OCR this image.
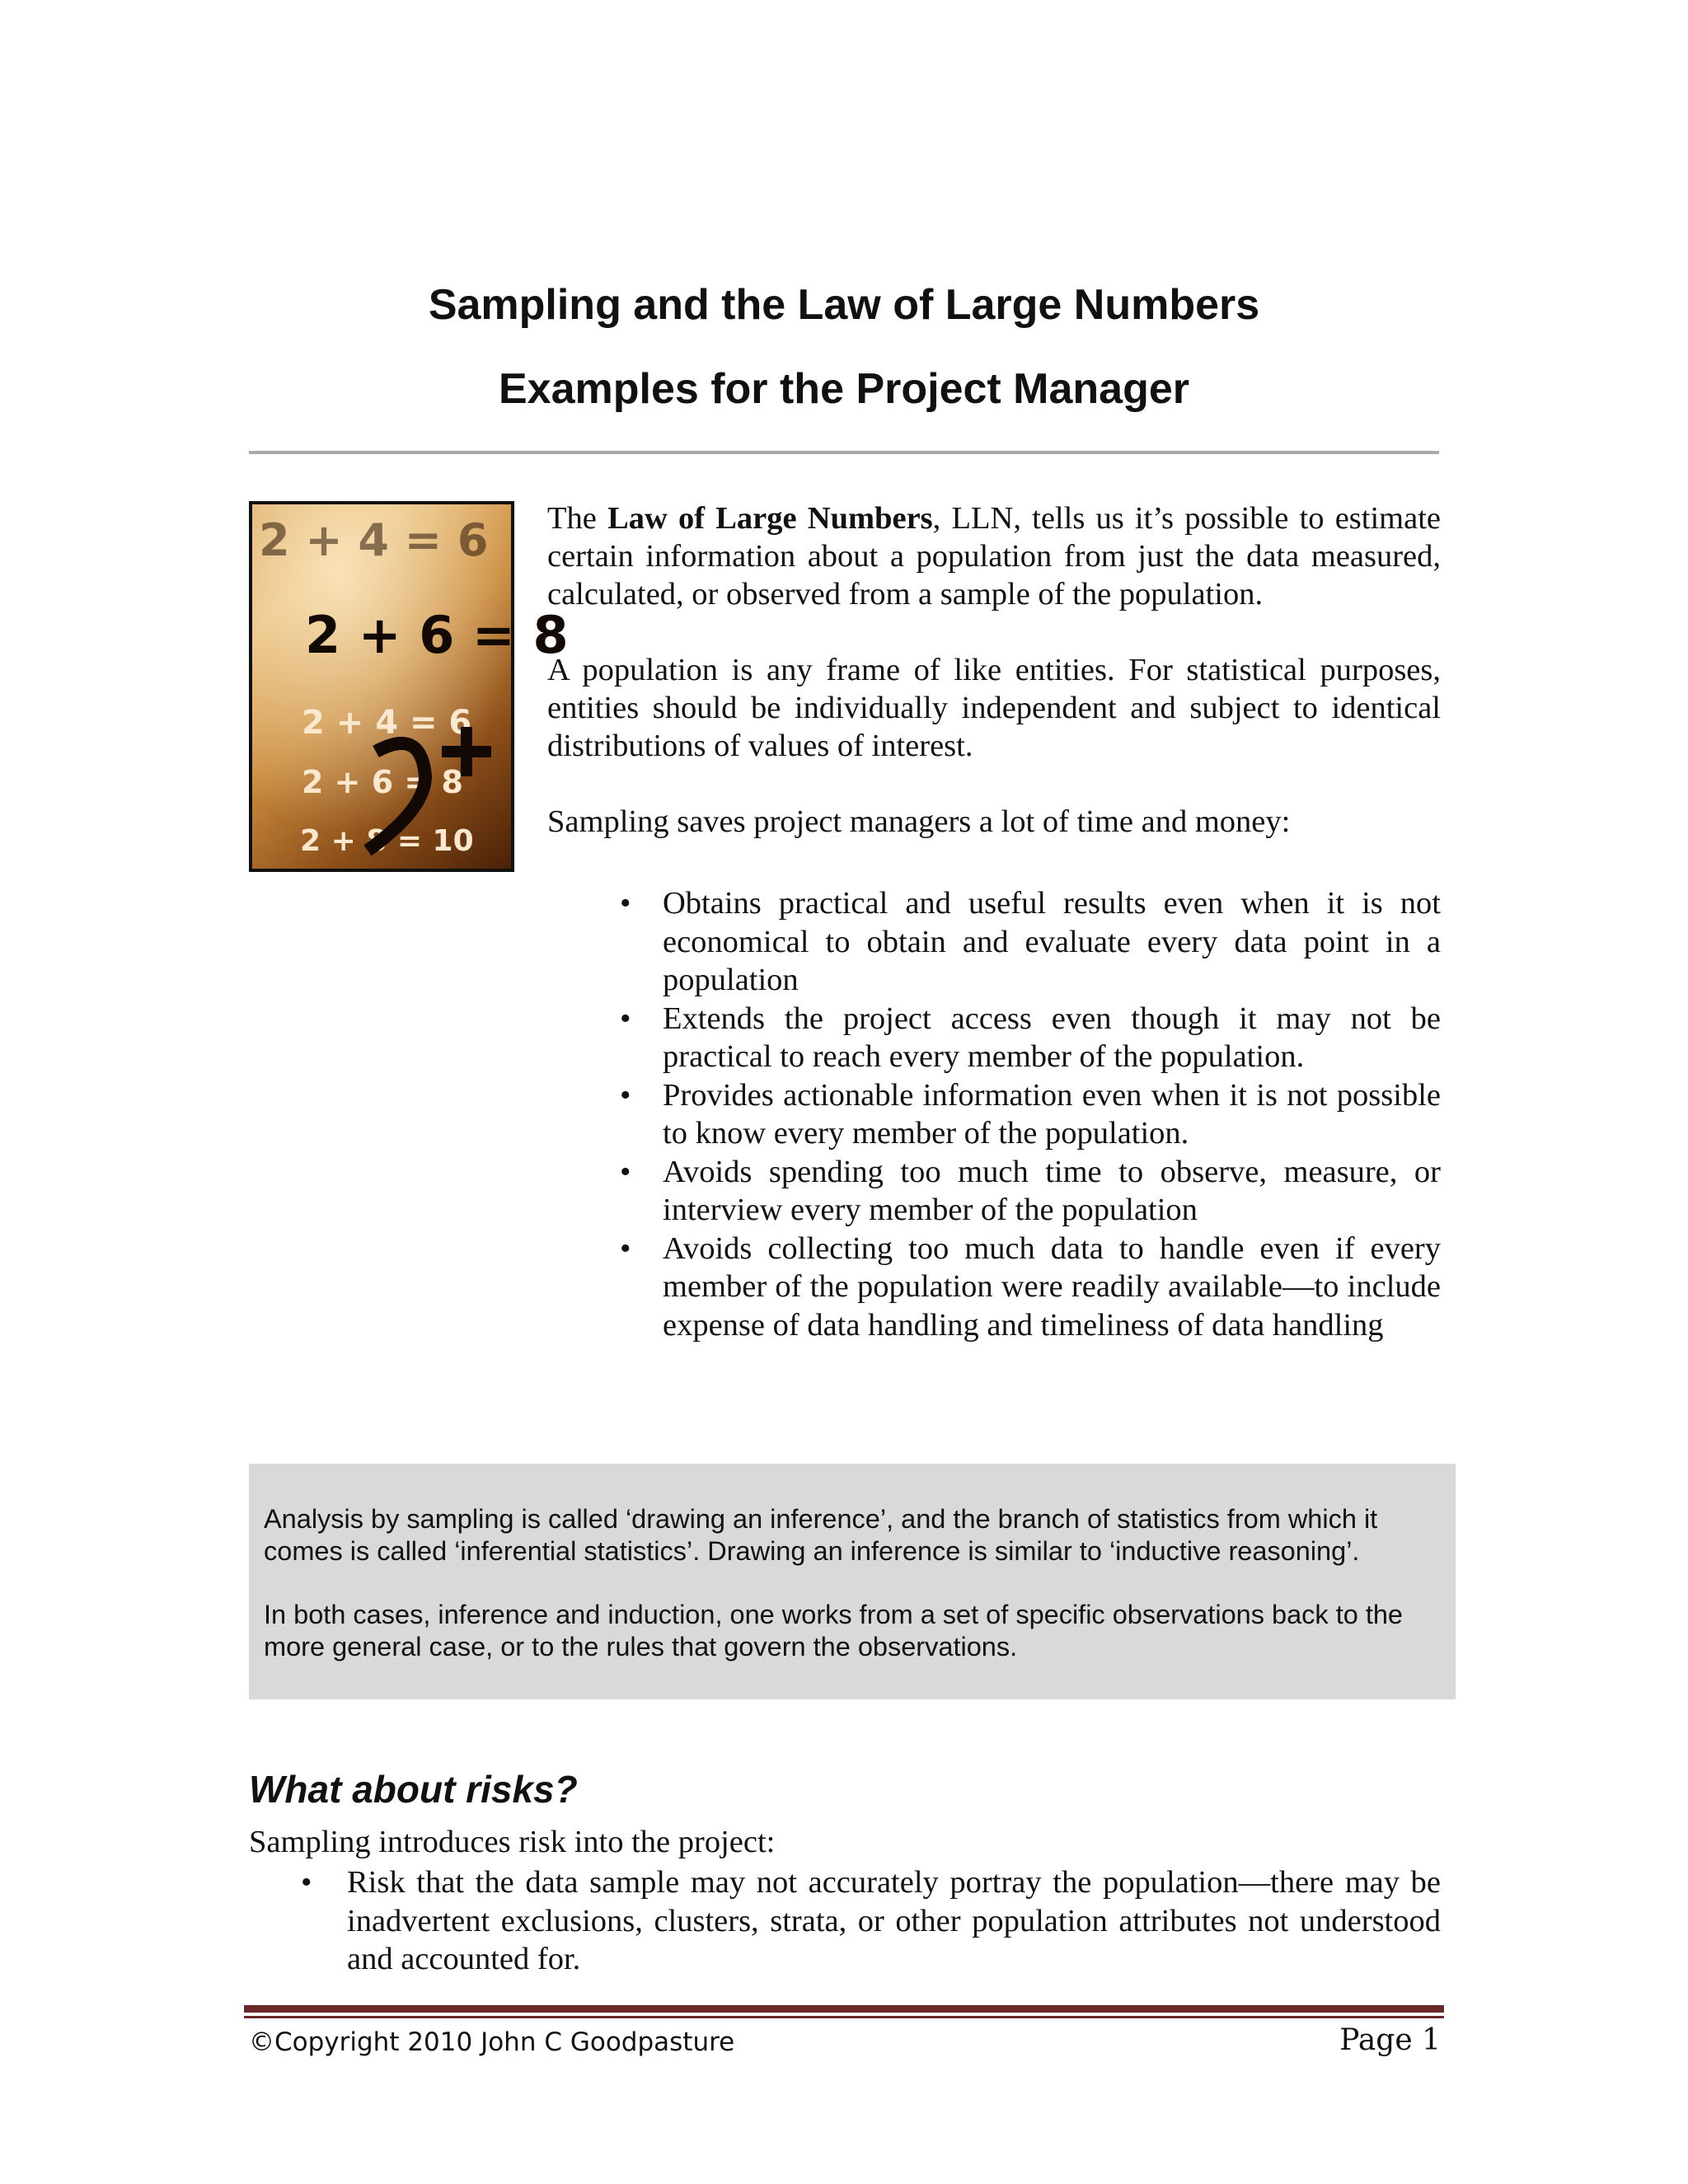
Sampling and the Law of Large Numbers
Examples for the Project Manager
2 + 4 = 6
2 + 6 = 8
2 + 4 = 6
2 + 6 = 8
2 + 8 = 10

The Law of Large Numbers, LLN, tells us it’s possible to estimate certain information about a population from just the data measured, calculated, or observed from a sample of the population.

A population is any frame of like entities. For statistical purposes, entities should be individually independent and subject to identical distributions of values of interest.

Sampling saves project managers a lot of time and money:

• Obtains practical and useful results even when it is not economical to obtain and evaluate every data point in a population
• Extends the project access even though it may not be practical to reach every member of the population.
• Provides actionable information even when it is not possible to know every member of the population.
• Avoids spending too much time to observe, measure, or interview every member of the population
• Avoids collecting too much data to handle even if every member of the population were readily available—to include expense of data handling and timeliness of data handling

Analysis by sampling is called ‘drawing an inference’, and the branch of statistics from which it comes is called ‘inferential statistics’. Drawing an inference is similar to ‘inductive reasoning’.

In both cases, inference and induction, one works from a set of specific observations back to the more general case, or to the rules that govern the observations.

What about risks?

Sampling introduces risk into the project:

• Risk that the data sample may not accurately portray the population—there may be inadvertent exclusions, clusters, strata, or other population attributes not understood and accounted for.
©Copyright 2010 John C Goodpasture	Page 1
